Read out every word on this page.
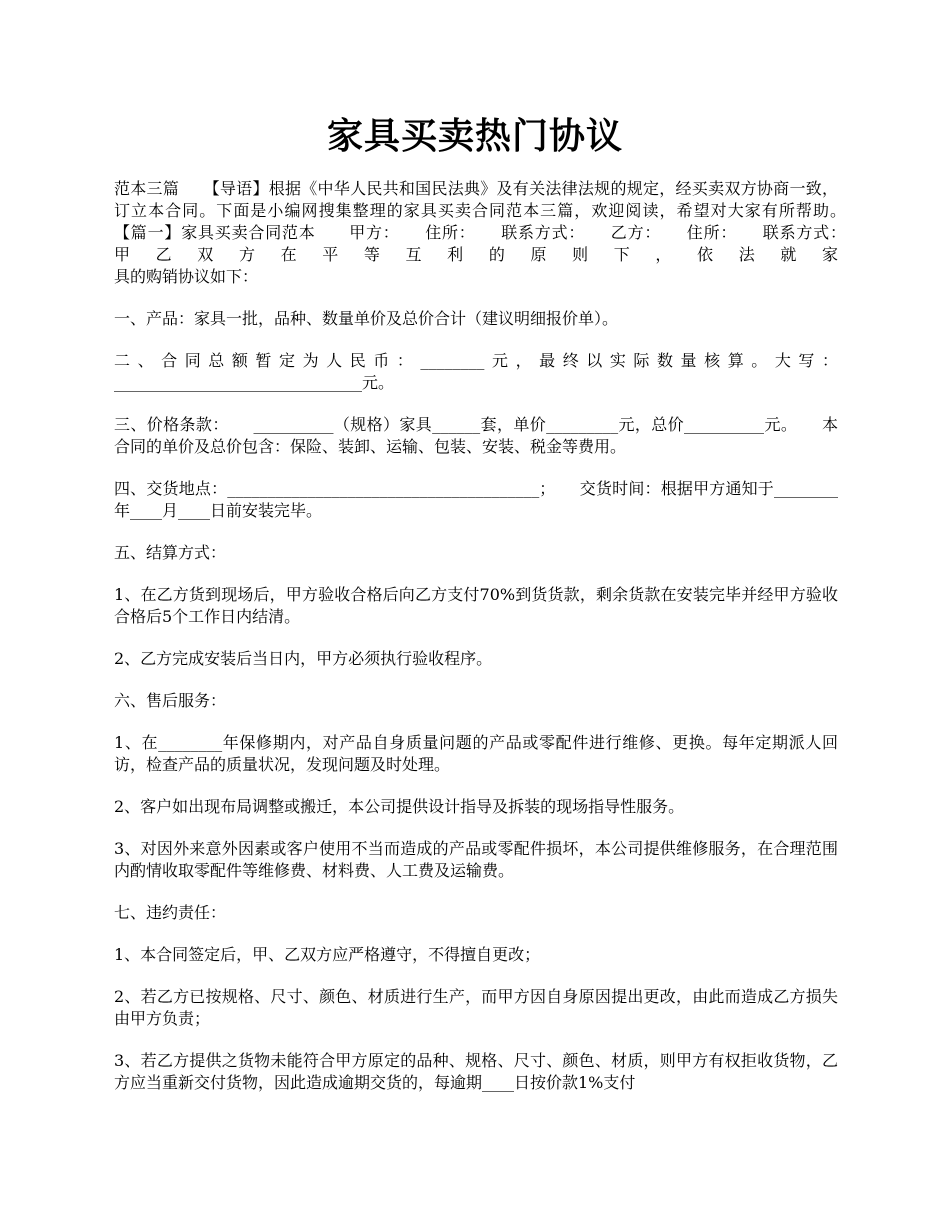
家具买卖热门协议

范本三篇　　【导语】根据《中华人民共和国民法典》及有关法律法规的规定，经买卖双方协商一致，订立本合同。下面是小编网搜集整理的家具买卖合同范本三篇，欢迎阅读，希望对大家有所帮助。　　【篇一】家具买卖合同范本　　甲方：　　住所：　　联系方式：　　乙方：　　住所：　　联系方式：　　甲乙双方在平等互利的原则下，依法就家
具的购销协议如下：

一、产品：家具一批，品种、数量单价及总价合计（建议明细报价单）。

二、合同总额暂定为人民币：________元，最终以实际数量核算。大写：_______________________________元。

三、价格条款：　　__________（规格）家具______套，单价_________元，总价__________元。　　本合同的单价及总价包含：保险、装卸、运输、包装、安装、税金等费用。

四、交货地点：_______________________________________；　　交货时间：根据甲方通知于________年____月____日前安装完毕。

五、结算方式：

1、在乙方货到现场后，甲方验收合格后向乙方支付70%到货货款，剩余货款在安装完毕并经甲方验收合格后5个工作日内结清。

2、乙方完成安装后当日内，甲方必须执行验收程序。

六、售后服务：

1、在________年保修期内，对产品自身质量问题的产品或零配件进行维修、更换。每年定期派人回访，检查产品的质量状况，发现问题及时处理。

2、客户如出现布局调整或搬迁，本公司提供设计指导及拆装的现场指导性服务。

3、对因外来意外因素或客户使用不当而造成的产品或零配件损坏，本公司提供维修服务，在合理范围内酌情收取零配件等维修费、材料费、人工费及运输费。

七、违约责任：

1、本合同签定后，甲、乙双方应严格遵守，不得擅自更改；

2、若乙方已按规格、尺寸、颜色、材质进行生产，而甲方因自身原因提出更改，由此而造成乙方损失由甲方负责；

3、若乙方提供之货物未能符合甲方原定的品种、规格、尺寸、颜色、材质，则甲方有权拒收货物，乙方应当重新交付货物，因此造成逾期交货的，每逾期____日按价款1%支付
